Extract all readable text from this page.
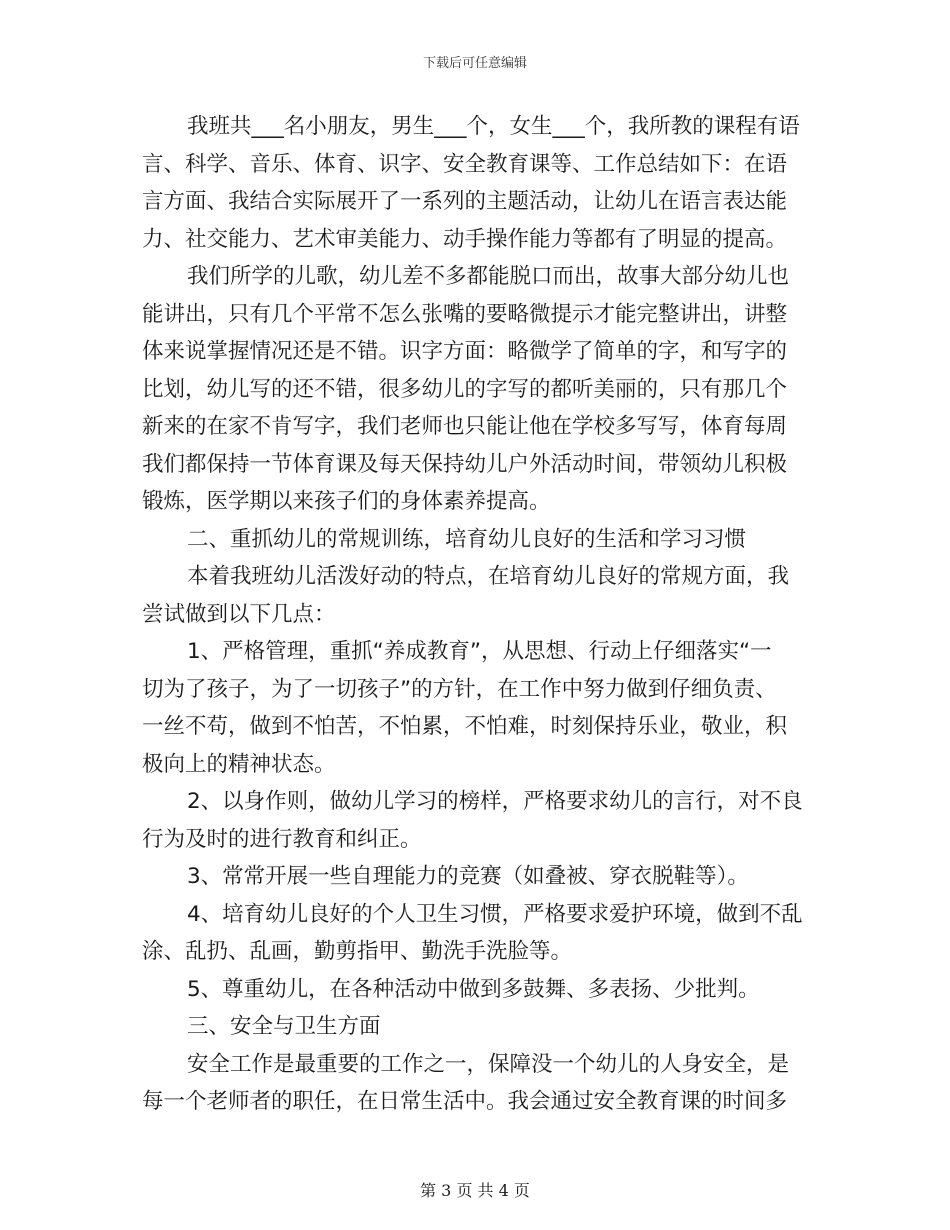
下载后可任意编辑
我班共___名小朋友，男生___个，女生___个，我所教的课程有语
言、科学、音乐、体育、识字、安全教育课等、工作总结如下：在语
言方面、我结合实际展开了一系列的主题活动，让幼儿在语言表达能
力、社交能力、艺术审美能力、动手操作能力等都有了明显的提高。
我们所学的儿歌，幼儿差不多都能脱口而出，故事大部分幼儿也
能讲出，只有几个平常不怎么张嘴的要略微提示才能完整讲出，讲整
体来说掌握情况还是不错。识字方面：略微学了简单的字，和写字的
比划，幼儿写的还不错，很多幼儿的字写的都听美丽的，只有那几个
新来的在家不肯写字，我们老师也只能让他在学校多写写，体育每周
我们都保持一节体育课及每天保持幼儿户外活动时间，带领幼儿积极
锻炼，医学期以来孩子们的身体素养提高。
二、重抓幼儿的常规训练，培育幼儿良好的生活和学习习惯
本着我班幼儿活泼好动的特点，在培育幼儿良好的常规方面，我
尝试做到以下几点：
1、严格管理，重抓“养成教育”，从思想、行动上仔细落实“一
切为了孩子，为了一切孩子”的方针，在工作中努力做到仔细负责、
一丝不苟，做到不怕苦，不怕累，不怕难，时刻保持乐业，敬业，积
极向上的精神状态。
2、以身作则，做幼儿学习的榜样，严格要求幼儿的言行，对不良
行为及时的进行教育和纠正。
3、常常开展一些自理能力的竞赛（如叠被、穿衣脱鞋等）。
4、培育幼儿良好的个人卫生习惯，严格要求爱护环境，做到不乱
涂、乱扔、乱画，勤剪指甲、勤洗手洗脸等。
5、尊重幼儿，在各种活动中做到多鼓舞、多表扬、少批判。
三、安全与卫生方面
安全工作是最重要的工作之一，保障没一个幼儿的人身安全，是
每一个老师者的职任，在日常生活中。我会通过安全教育课的时间多
第 3 页 共 4 页
